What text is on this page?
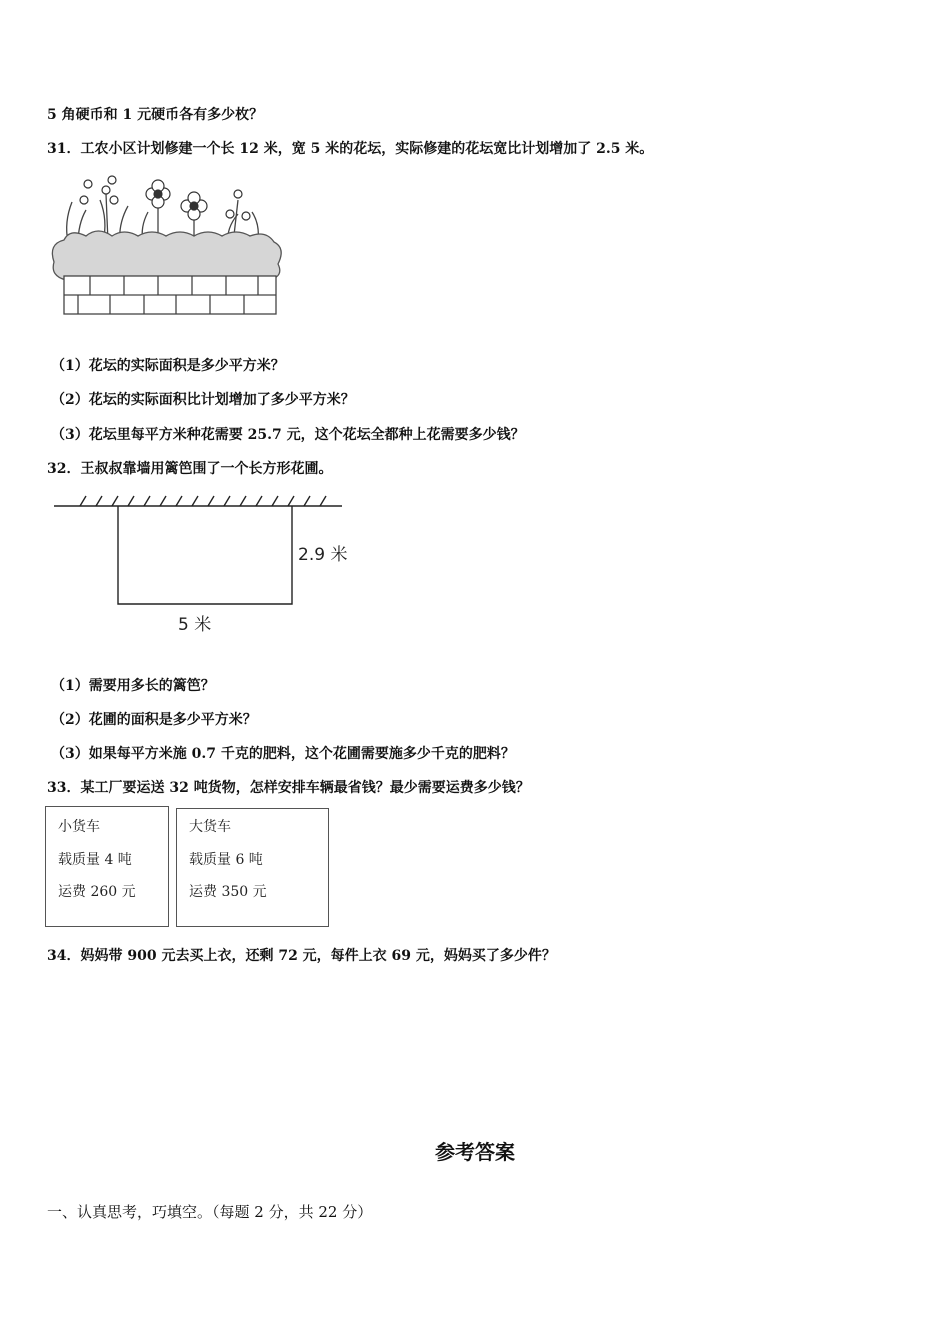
5 角硬币和 1 元硬币各有多少枚？
31．工农小区计划修建一个长 12 米，宽 5 米的花坛，实际修建的花坛宽比计划增加了 2.5 米。
（1）花坛的实际面积是多少平方米？
（2）花坛的实际面积比计划增加了多少平方米？
（3）花坛里每平方米种花需要 25.7 元，这个花坛全都种上花需要多少钱？
32．王叔叔靠墙用篱笆围了一个长方形花圃。
2.9 米
5 米
（1）需要用多长的篱笆？
（2）花圃的面积是多少平方米？
（3）如果每平方米施 0.7 千克的肥料，这个花圃需要施多少千克的肥料？
33．某工厂要运送 32 吨货物，怎样安排车辆最省钱？最少需要运费多少钱？
小货车
载质量 4 吨
运费 260 元
大货车
载质量 6 吨
运费 350 元
34．妈妈带 900 元去买上衣，还剩 72 元，每件上衣 69 元，妈妈买了多少件？
参考答案
一、认真思考，巧填空。（每题 2 分，共 22 分）
